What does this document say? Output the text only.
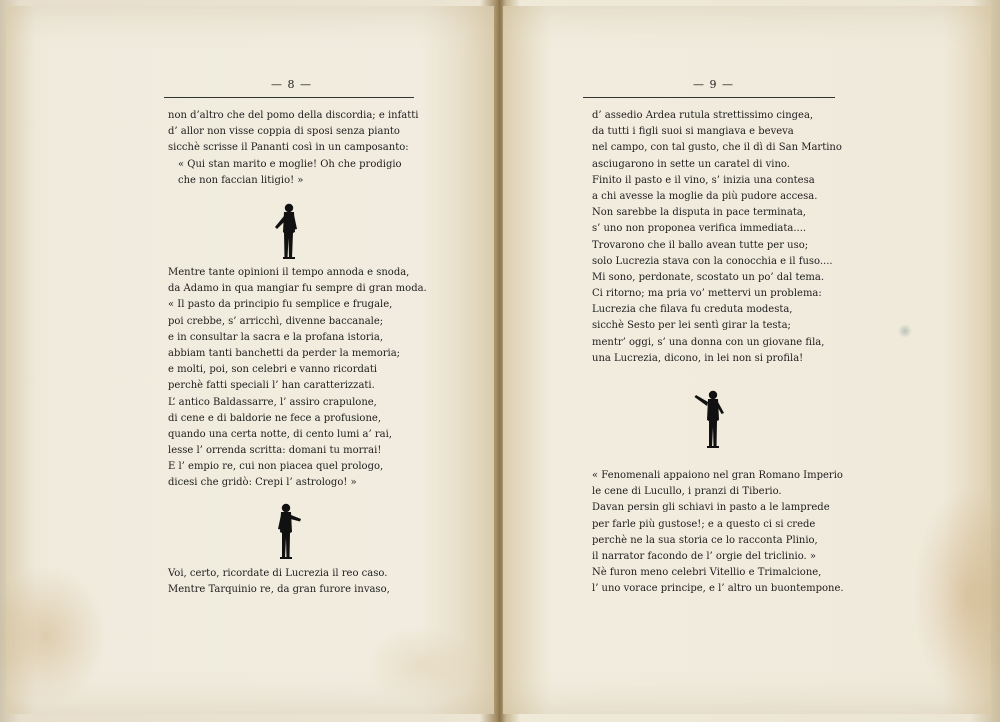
— 8 —
non d’altro che del pomo della discordia; e infatti
d’ allor non visse coppia di sposi senza pianto
sicchè scrisse il Pananti così in un camposanto:
« Qui stan marito e moglie! Oh che prodigio
che non faccian litigio! »
Mentre tante opinioni il tempo annoda e snoda,
da Adamo in qua mangiar fu sempre di gran moda.
« Il pasto da principio fu semplice e frugale,
poi crebbe, s’ arricchì, divenne baccanale;
e in consultar la sacra e la profana istoria,
abbiam tanti banchetti da perder la memoria;
e molti, poi, son celebri e vanno ricordati
perchè fatti speciali l’ han caratterizzati.
L’ antico Baldassarre, l’ assiro crapulone,
di cene e di baldorie ne fece a profusione,
quando una certa notte, di cento lumi a’ rai,
lesse l’ orrenda scritta: domani tu morrai!
E l’ empio re, cui non piacea quel prologo,
dicesi che gridò: Crepi l’ astrologo! »
Voi, certo, ricordate di Lucrezia il reo caso.
Mentre Tarquinio re, da gran furore invaso,
— 9 —
d’ assedio Ardea rutula strettissimo cingea,
da tutti i figli suoi si mangiava e beveva
nel campo, con tal gusto, che il dì di San Martino
asciugarono in sette un caratel di vino.
Finito il pasto e il vino, s’ inizia una contesa
a chi avesse la moglie da più pudore accesa.
Non sarebbe la disputa in pace terminata,
s’ uno non proponea verifica immediata....
Trovarono che il ballo avean tutte per uso;
solo Lucrezia stava con la conocchia e il fuso....
Mi sono, perdonate, scostato un po’ dal tema.
Ci ritorno; ma pria vo’ mettervi un problema:
Lucrezia che filava fu creduta modesta,
sicchè Sesto per lei sentì girar la testa;
mentr’ oggi, s’ una donna con un giovane fila,
una Lucrezia, dicono, in lei non si profila!
« Fenomenali appaiono nel gran Romano Imperio
le cene di Lucullo, i pranzi di Tiberio.
Davan persin gli schiavi in pasto a le lamprede
per farle più gustose!; e a questo ci si crede
perchè ne la sua storia ce lo racconta Plinio,
il narrator facondo de l’ orgie del triclinio. »
Nè furon meno celebri Vitellio e Trimalcione,
l’ uno vorace principe, e l’ altro un buontempone.
